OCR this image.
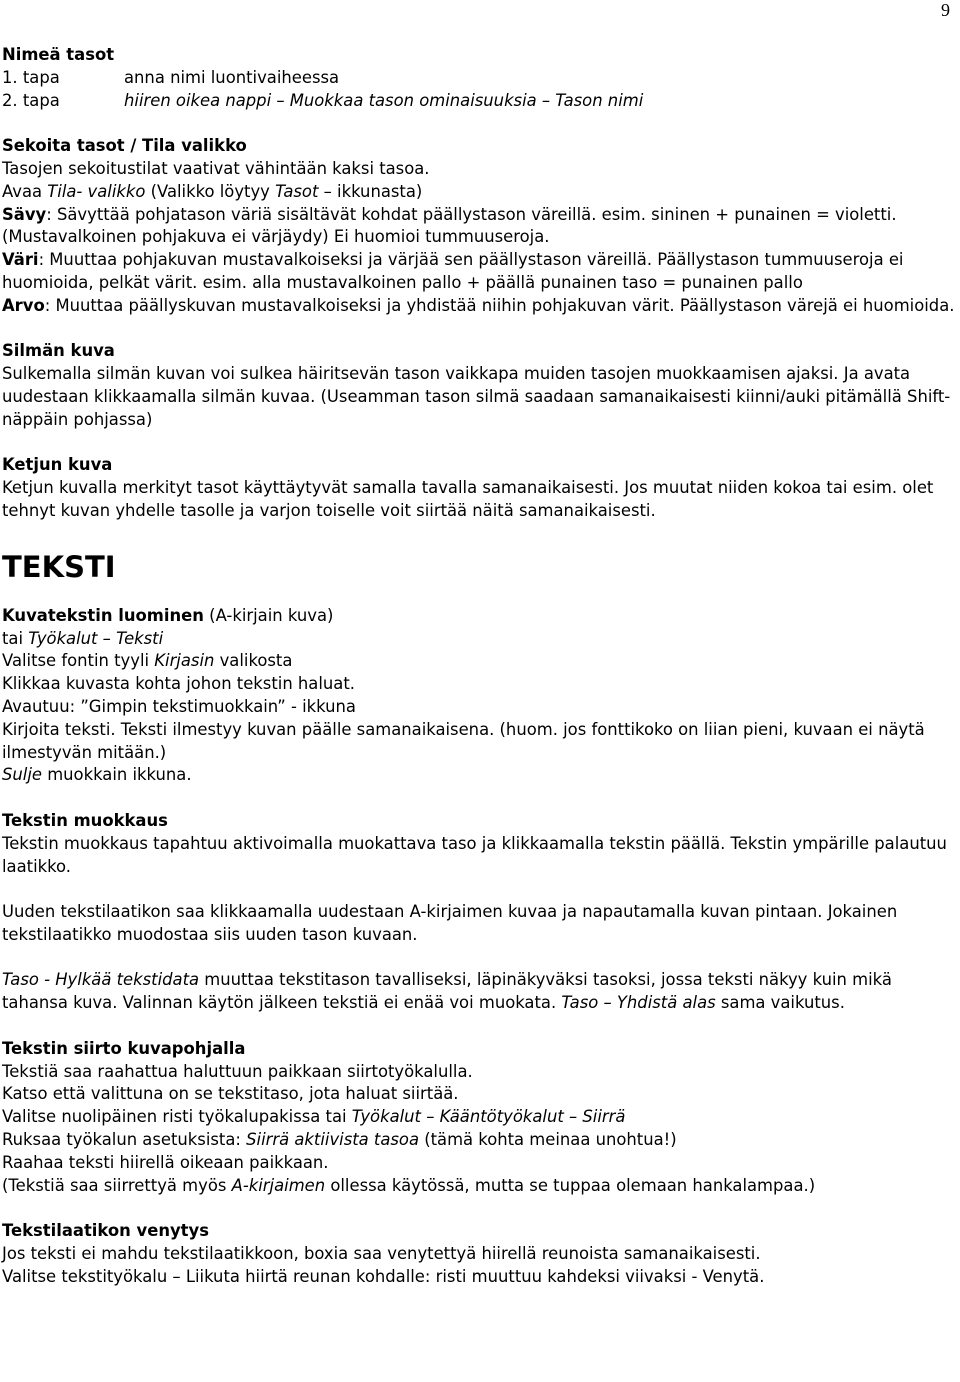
9

Nimeä tasot

1. tapa	anna nimi luontivaiheessa
2. tapa	hiiren oikea nappi – Muokkaa tason ominaisuuksia – Tason nimi

Sekoita tasot / Tila valikko

Tasojen sekoitustilat vaativat vähintään kaksi tasoa.

Avaa Tila- valikko (Valikko löytyy Tasot – ikkunasta)

Sävy: Sävyttää pohjatason väriä sisältävät kohdat päällystason väreillä. esim. sininen + punainen = violetti. (Mustavalkoinen pohjakuva ei värjäydy) Ei huomioi tummuuseroja.

Väri: Muuttaa pohjakuvan mustavalkoiseksi ja värjää sen päällystason väreillä. Päällystason tummuuseroja ei huomioida, pelkät värit. esim. alla mustavalkoinen pallo + päällä punainen taso = punainen pallo

Arvo: Muuttaa päällyskuvan mustavalkoiseksi ja yhdistää niihin pohjakuvan värit. Päällystason värejä ei huomioida.

Silmän kuva

Sulkemalla silmän kuvan voi sulkea häiritsevän tason vaikkapa muiden tasojen muokkaamisen ajaksi. Ja avata uudestaan klikkaamalla silmän kuvaa. (Useamman tason silmä saadaan samanaikaisesti kiinni/auki pitämällä Shift-näppäin pohjassa)

Ketjun kuva

Ketjun kuvalla merkityt tasot käyttäytyvät samalla tavalla samanaikaisesti. Jos muutat niiden kokoa tai esim. olet tehnyt kuvan yhdelle tasolle ja varjon toiselle voit siirtää näitä samanaikaisesti.

TEKSTI

Kuvatekstin luominen (A-kirjain kuva)

tai Työkalut – Teksti

Valitse fontin tyyli Kirjasin valikosta

Klikkaa kuvasta kohta johon tekstin haluat.

Avautuu: ”Gimpin tekstimuokkain” - ikkuna

Kirjoita teksti. Teksti ilmestyy kuvan päälle samanaikaisena. (huom. jos fonttikoko on liian pieni, kuvaan ei näytä ilmestyvän mitään.)

Sulje muokkain ikkuna.

Tekstin muokkaus

Tekstin muokkaus tapahtuu aktivoimalla muokattava taso ja klikkaamalla tekstin päällä. Tekstin ympärille palautuu laatikko.

Uuden tekstilaatikon saa klikkaamalla uudestaan A-kirjaimen kuvaa ja napautamalla kuvan pintaan. Jokainen tekstilaatikko muodostaa siis uuden tason kuvaan.

Taso - Hylkää tekstidata muuttaa tekstitason tavalliseksi, läpinäkyväksi tasoksi, jossa teksti näkyy kuin mikä tahansa kuva. Valinnan käytön jälkeen tekstiä ei enää voi muokata. Taso – Yhdistä alas sama vaikutus.

Tekstin siirto kuvapohjalla

Tekstiä saa raahattua haluttuun paikkaan siirtotyökalulla.

Katso että valittuna on se tekstitaso, jota haluat siirtää.

Valitse nuolipäinen risti työkalupakissa tai Työkalut – Kääntötyökalut – Siirrä

Ruksaa työkalun asetuksista: Siirrä aktiivista tasoa (tämä kohta meinaa unohtua!)

Raahaa teksti hiirellä oikeaan paikkaan.

(Tekstiä saa siirrettyä myös A-kirjaimen ollessa käytössä, mutta se tuppaa olemaan hankalampaa.)

Tekstilaatikon venytys

Jos teksti ei mahdu tekstilaatikkoon, boxia saa venytettyä hiirellä reunoista samanaikaisesti.

Valitse tekstityökalu – Liikuta hiirtä reunan kohdalle: risti muuttuu kahdeksi viivaksi - Venytä.
